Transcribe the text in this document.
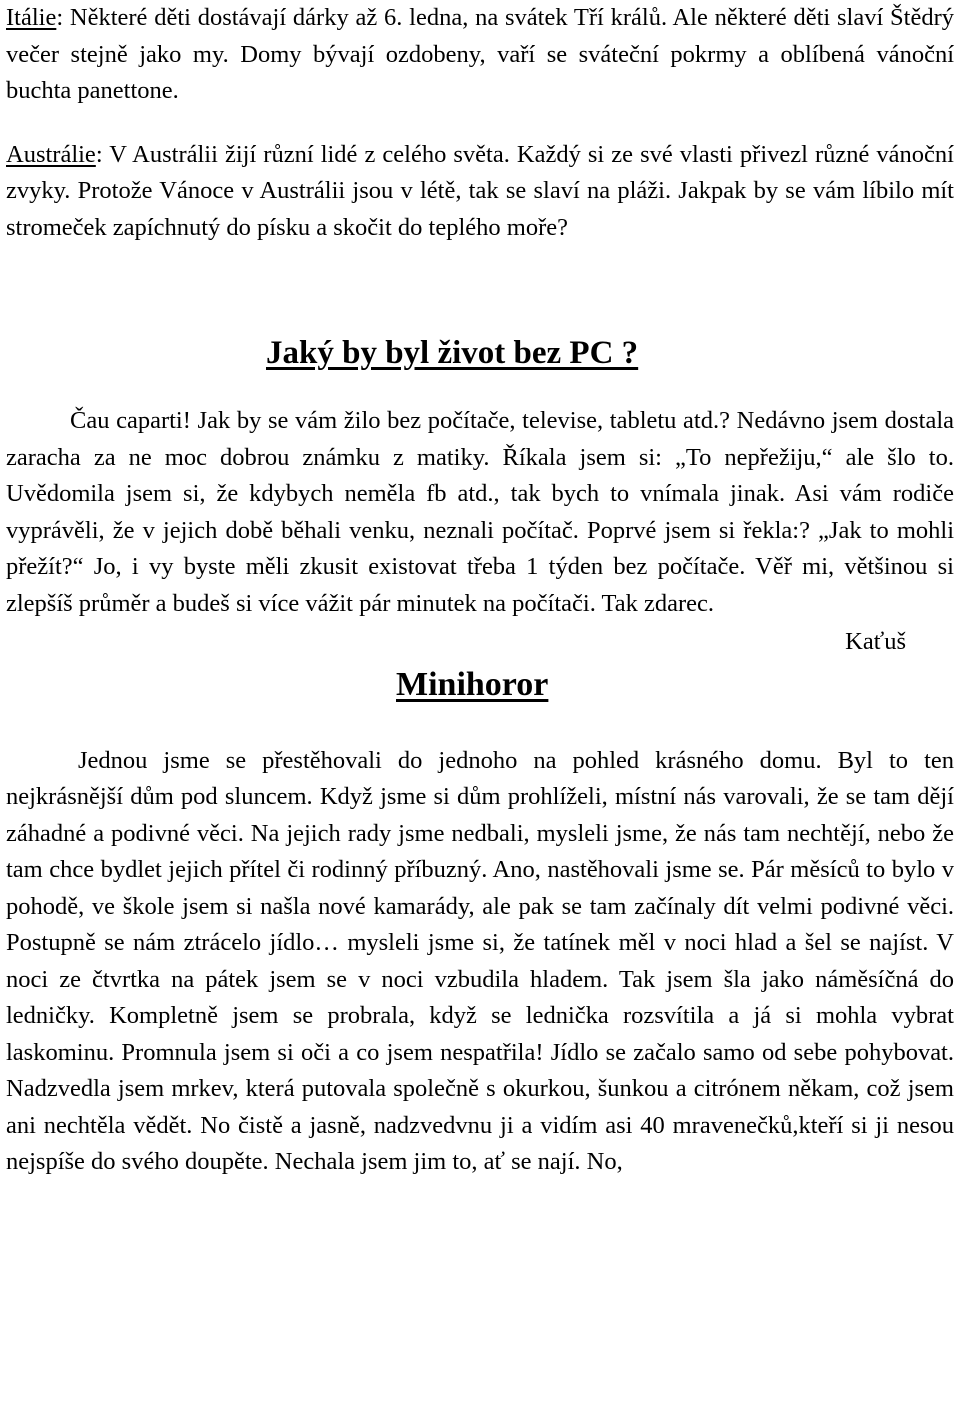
Itálie: Některé děti dostávají dárky až 6. ledna, na svátek Tří králů. Ale některé děti slaví Štědrý večer stejně jako my. Domy bývají ozdobeny, vaří se sváteční pokrmy a oblíbená vánoční buchta panettone.

Austrálie: V Austrálii žijí různí lidé z celého světa. Každý si ze své vlasti přivezl různé vánoční zvyky. Protože Vánoce v Austrálii jsou v létě, tak se slaví na pláži. Jakpak by se vám líbilo mít stromeček zapíchnutý do písku a skočit do teplého moře?

Jaký by byl život bez PC ?

Čau caparti! Jak by se vám žilo bez počítače, televise, tabletu atd.? Nedávno jsem dostala zaracha za ne moc dobrou známku z matiky. Říkala jsem si: „To nepřežiju,“ ale šlo to. Uvědomila jsem si, že kdybych neměla fb atd., tak bych to vnímala jinak. Asi vám rodiče vyprávěli, že v jejich době běhali venku, neznali počítač. Poprvé jsem si řekla:? „Jak to mohli přežít?“ Jo, i vy byste měli zkusit existovat třeba 1 týden bez počítače. Věř mi, většinou si zlepšíš průměr a budeš si více vážit pár minutek na počítači. Tak zdarec.

Kaťuš

Minihoror

Jednou jsme se přestěhovali do jednoho na pohled krásného domu. Byl to ten nejkrásnější dům pod sluncem. Když jsme si dům prohlíželi, místní nás varovali, že se tam dějí záhadné a podivné věci. Na jejich rady jsme nedbali, mysleli jsme, že nás tam nechtějí, nebo že tam chce bydlet jejich přítel či rodinný příbuzný. Ano, nastěhovali jsme se. Pár měsíců to bylo v pohodě, ve škole jsem si našla nové kamarády, ale pak se tam začínaly dít velmi podivné věci. Postupně se nám ztrácelo jídlo… mysleli jsme si, že tatínek měl v noci hlad a šel se najíst. V noci ze čtvrtka na pátek jsem se v noci vzbudila hladem. Tak jsem šla jako náměsíčná do ledničky. Kompletně jsem se probrala, když se lednička rozsvítila a já si mohla vybrat laskominu. Promnula jsem si oči a co jsem nespatřila! Jídlo se začalo samo od sebe pohybovat. Nadzvedla jsem mrkev, která putovala společně s okurkou, šunkou a citrónem někam, což jsem ani nechtěla vědět. No čistě a jasně, nadzvedvnu ji a vidím asi 40 mravenečků,kteří si ji nesou nejspíše do svého doupěte. Nechala jsem jim to, ať se nají. No,
